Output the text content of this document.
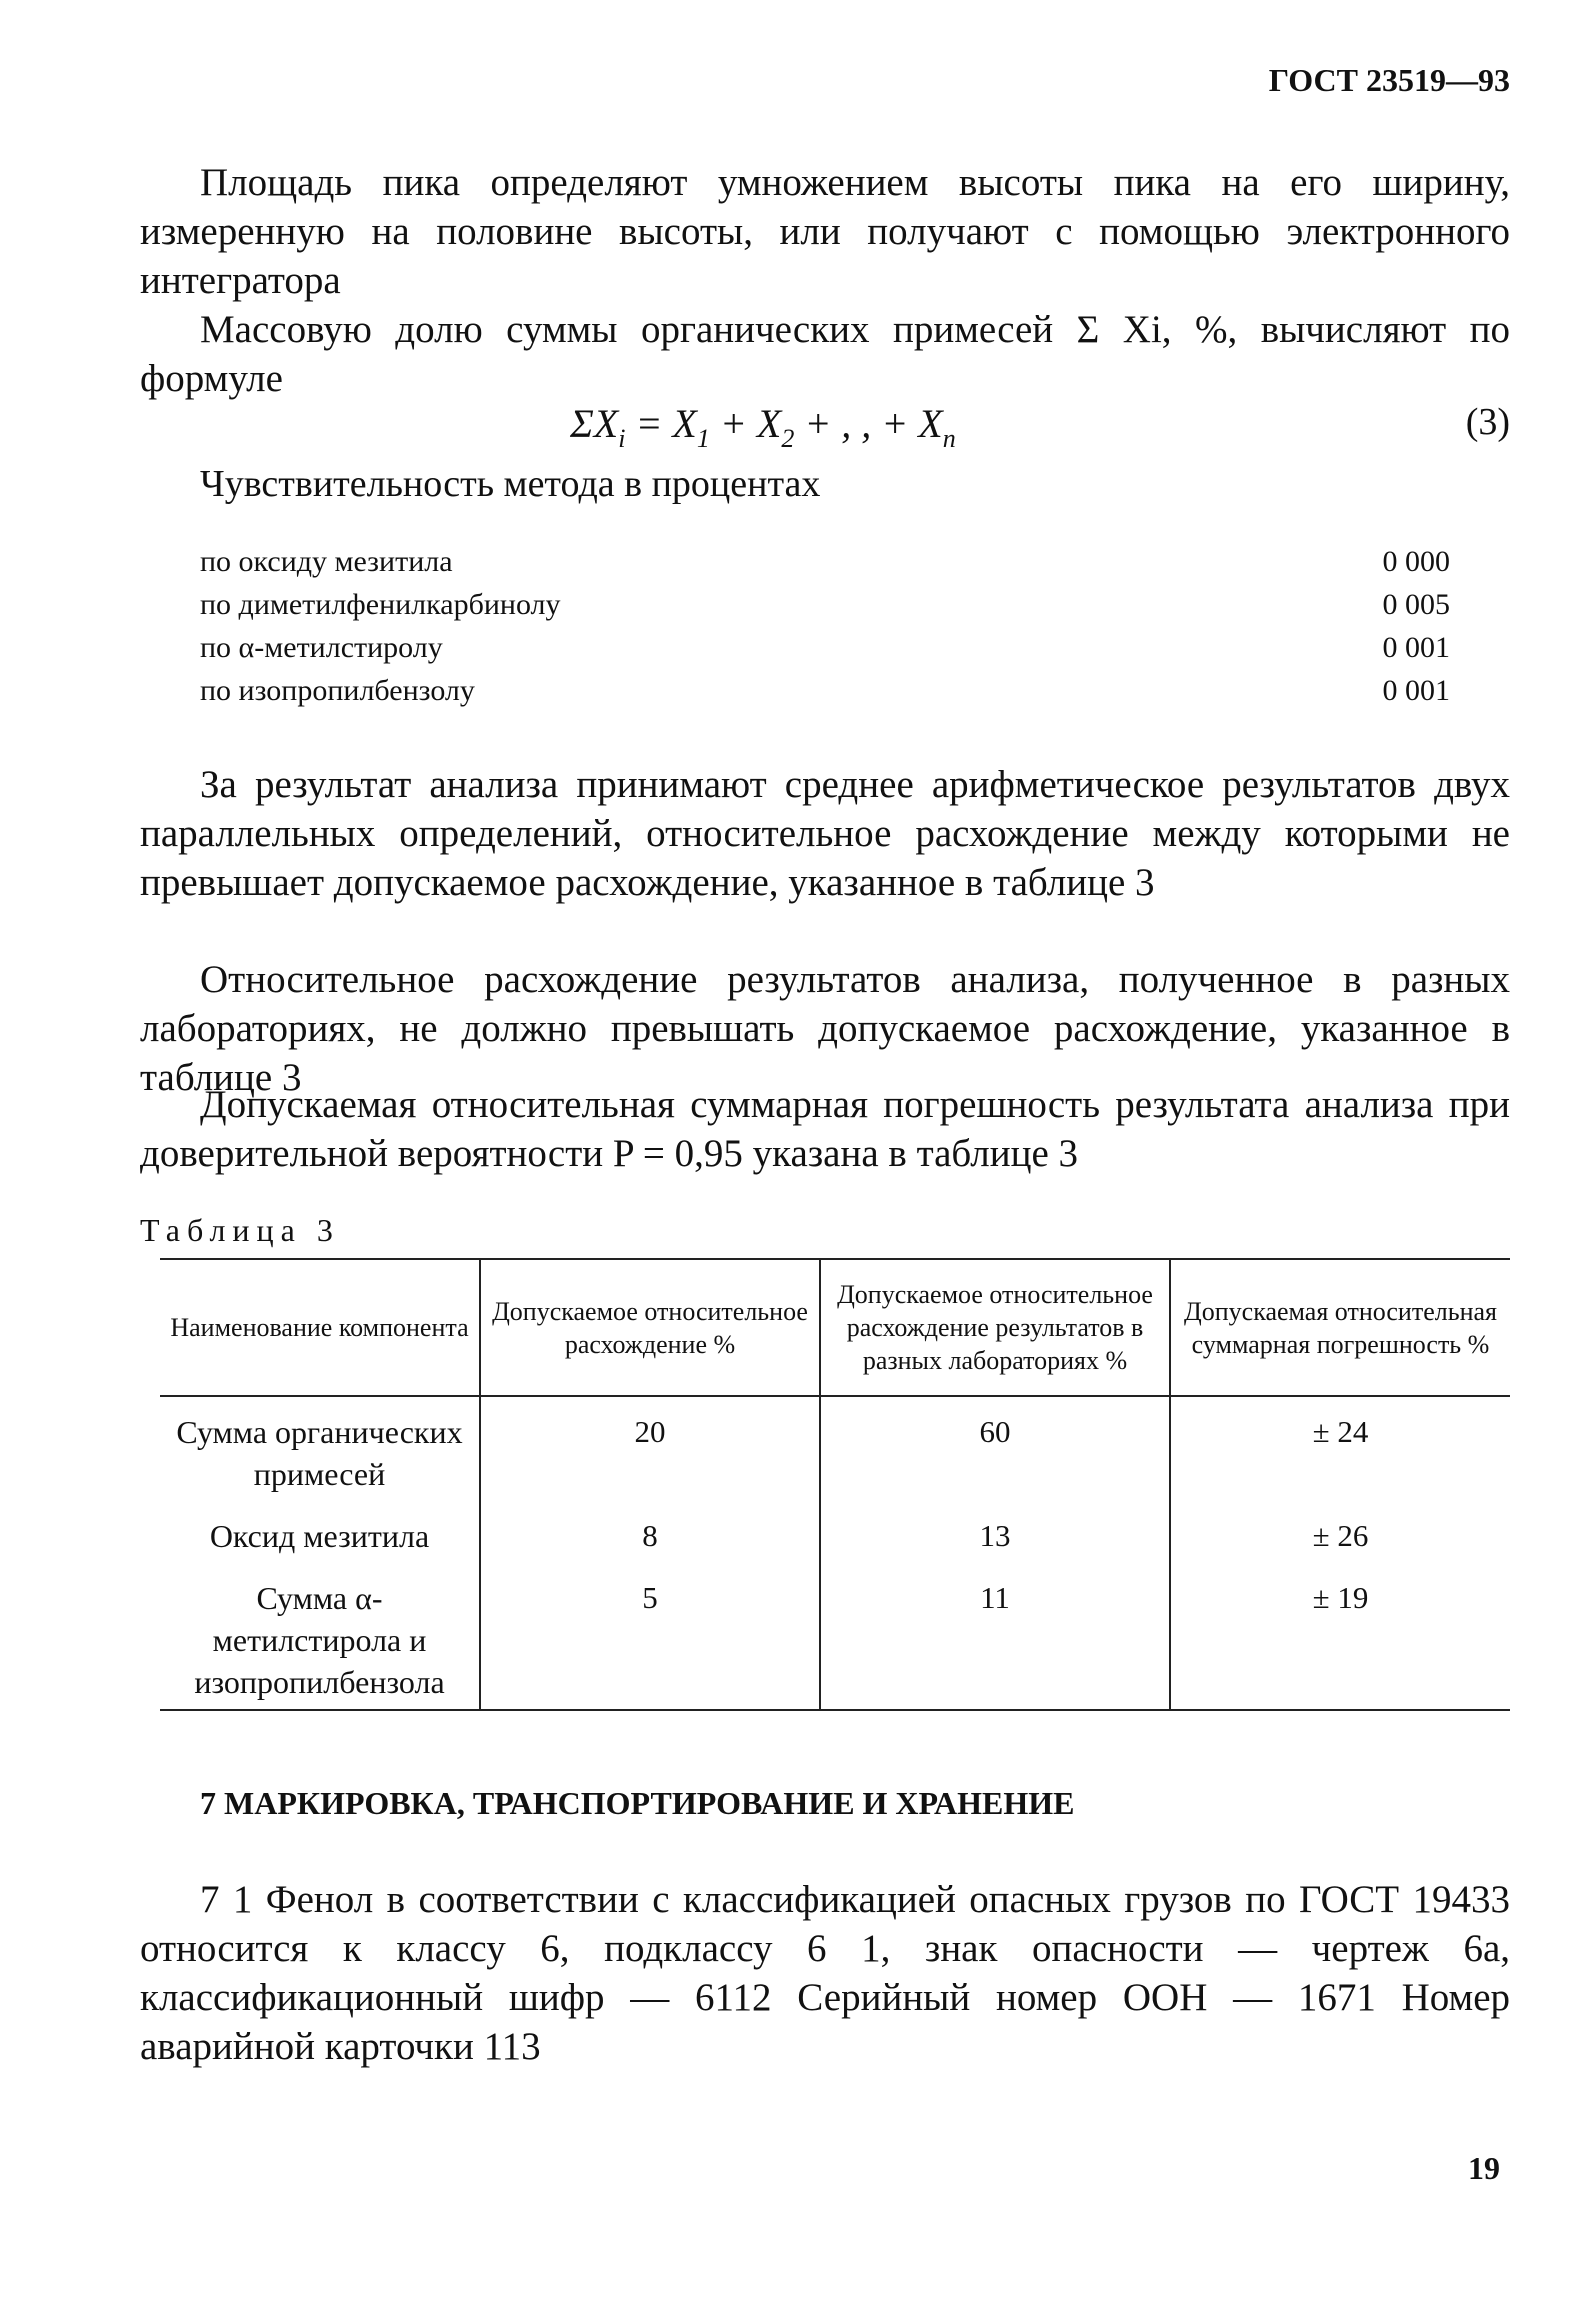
ГОСТ 23519—93
Площадь пика определяют умножением высоты пика на его ширину, измеренную на половине высоты, или получают с помощью электронного интегратора
Массовую долю суммы органических примесей Σ Xi, %, вычисляют по формуле
$\Sigma X_i = X_1 + X_2$ + , , + $X_n$	(3)
Чувствительность метода в процентах
по оксиду мезитила	0 000
по диметилфенилкарбинолу	0 005
по α-метилстиролу	0 001
по изопропилбензолу	0 001
За результат анализа принимают среднее арифметическое результатов двух параллельных определений, относительное расхождение между которыми не превышает допускаемое расхождение, указанное в таблице 3
Относительное расхождение результатов анализа, полученное в разных лабораториях, не должно превышать допускаемое расхождение, указанное в таблице 3
Допускаемая относительная суммарная погрешность результата анализа при доверительной вероятности P = 0,95 указана в таблице 3
Таблица 3
Наименование компонента	Допускаемое относительное расхождение %	Допускаемое относительное расхождение результатов в разных лабораториях %	Допускаемая относительная суммарная погрешность %
Сумма органических примесей	20	60	± 24
Оксид мезитила	8	13	± 26
Сумма α-метилстирола и изопропилбензола	5	11	± 19
7 МАРКИРОВКА, ТРАНСПОРТИРОВАНИЕ И ХРАНЕНИЕ
7 1 Фенол в соответствии с классификацией опасных грузов по ГОСТ 19433 относится к классу 6, подклассу 6 1, знак опасности — чертеж 6а, классификационный шифр — 6112 Серийный номер ООН — 1671 Номер аварийной карточки 113
19
